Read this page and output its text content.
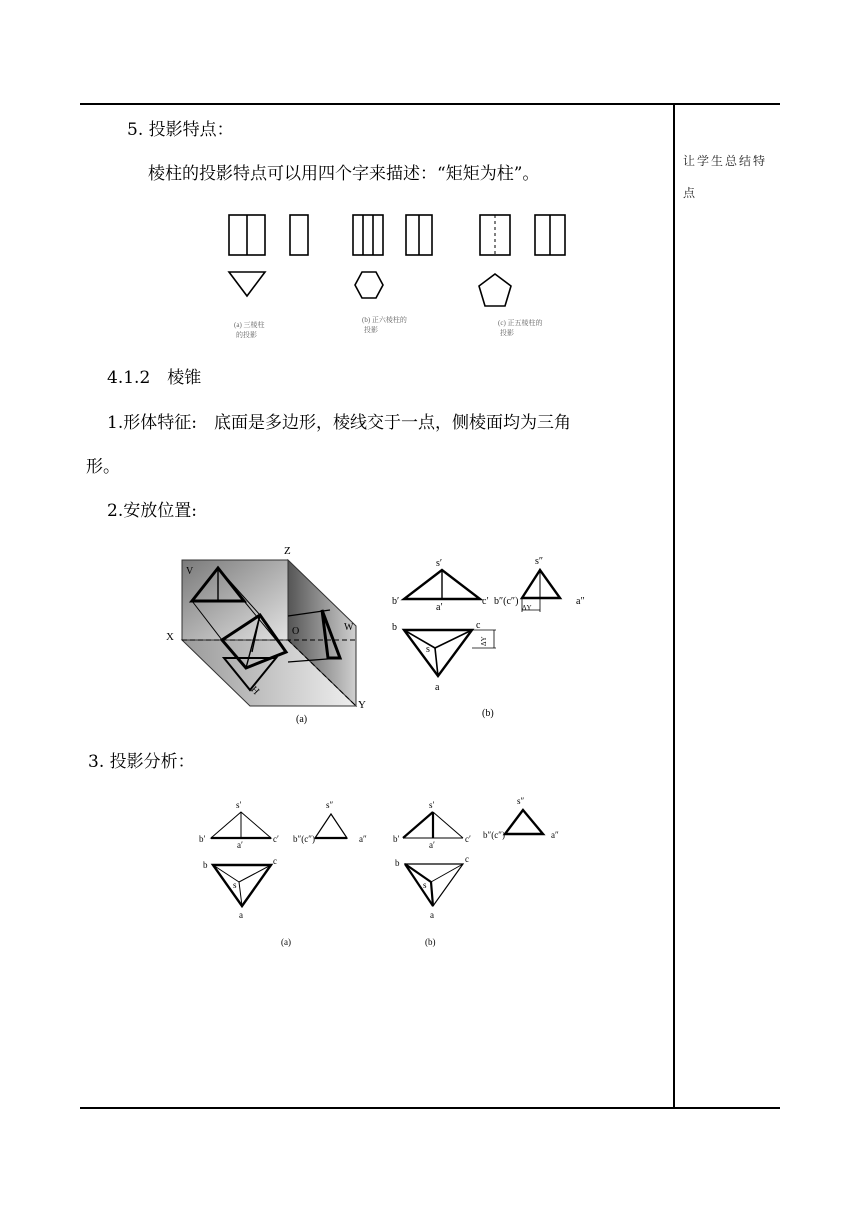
让学生总结特
点
5. 投影特点：
棱柱的投影特点可以用四个字来描述：“矩矩为柱”。
(a) 三棱柱
的投影
(b) 正六棱柱的
投影
(c) 正五棱柱的
投影
4.1.2　棱锥
1.形体特征:　底面是多边形，棱线交于一点，侧棱面均为三角
形。
2.安放位置:
Z
V
X	O	W
H
Y
(a)
s′
b′
a′
c′
s″
b″(c″)	a″
ΔY
b	c
s
a
ΔY
(b)
3. 投影分析：
s′
b′
a′
c′
s″
b″(c″)	a″
b	c
s
a
(a)
s′
b′
a′
c′
s″
b″(c″)	a″
b	c
s
a
(b)
